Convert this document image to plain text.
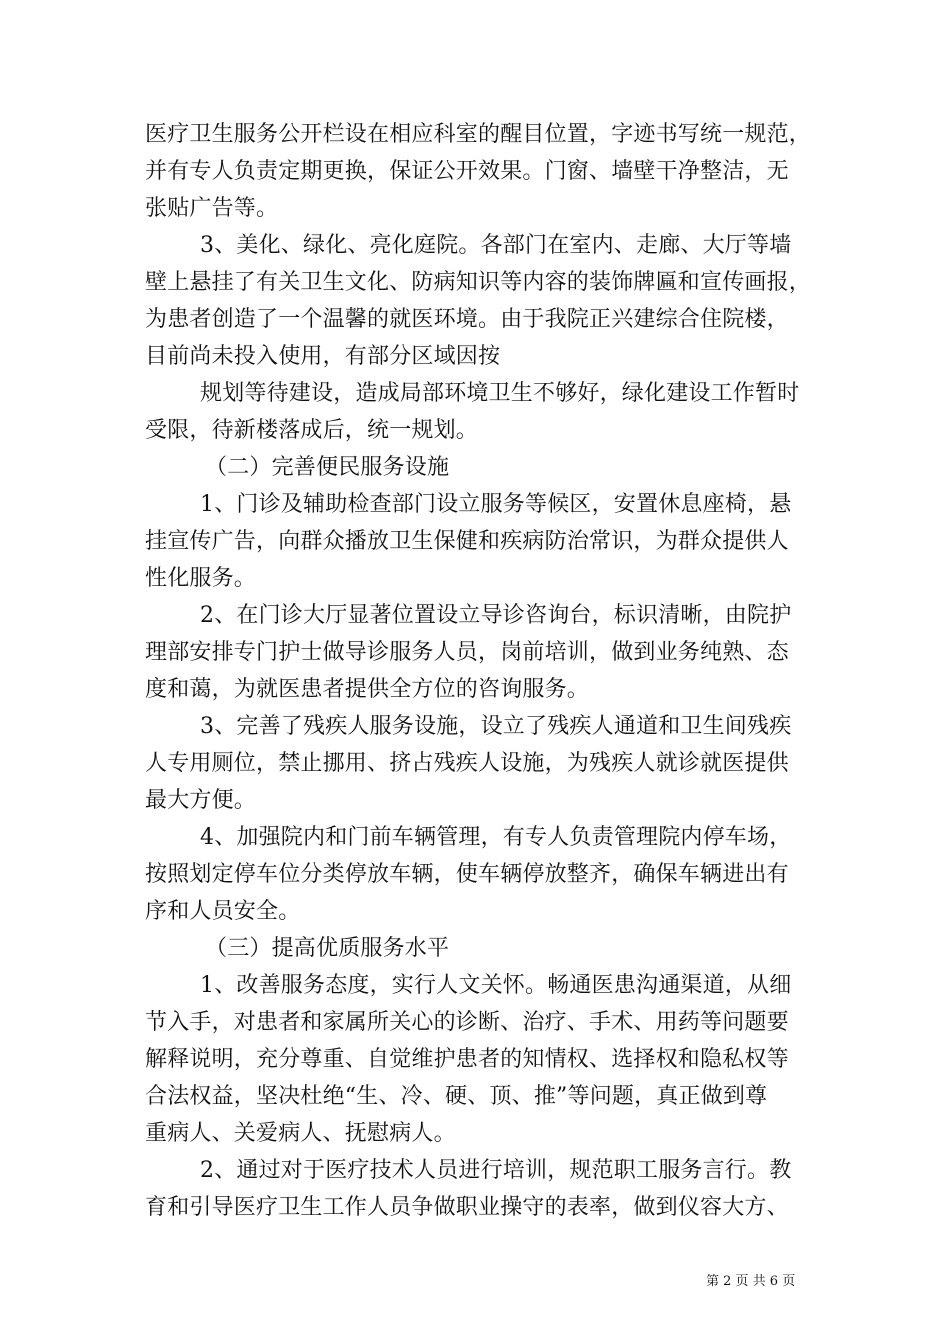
医疗卫生服务公开栏设在相应科室的醒目位置，字迹书写统一规范，
并有专人负责定期更换，保证公开效果。门窗、墙壁干净整洁，无
张贴广告等。
3、美化、绿化、亮化庭院。各部门在室内、走廊、大厅等墙
壁上悬挂了有关卫生文化、防病知识等内容的装饰牌匾和宣传画报，
为患者创造了一个温馨的就医环境。由于我院正兴建综合住院楼，
目前尚未投入使用，有部分区域因按
规划等待建设，造成局部环境卫生不够好，绿化建设工作暂时
受限，待新楼落成后，统一规划。
（二）完善便民服务设施
1、门诊及辅助检查部门设立服务等候区，安置休息座椅，悬
挂宣传广告，向群众播放卫生保健和疾病防治常识，为群众提供人
性化服务。
2、在门诊大厅显著位置设立导诊咨询台，标识清晰，由院护
理部安排专门护士做导诊服务人员，岗前培训，做到业务纯熟、态
度和蔼，为就医患者提供全方位的咨询服务。
3、完善了残疾人服务设施，设立了残疾人通道和卫生间残疾
人专用厕位，禁止挪用、挤占残疾人设施，为残疾人就诊就医提供
最大方便。
4、加强院内和门前车辆管理，有专人负责管理院内停车场，
按照划定停车位分类停放车辆，使车辆停放整齐，确保车辆进出有
序和人员安全。
（三）提高优质服务水平
1、改善服务态度，实行人文关怀。畅通医患沟通渠道，从细
节入手，对患者和家属所关心的诊断、治疗、手术、用药等问题要
解释说明，充分尊重、自觉维护患者的知情权、选择权和隐私权等
合法权益，坚决杜绝“生、冷、硬、顶、推”等问题，真正做到尊
重病人、关爱病人、抚慰病人。
2、通过对于医疗技术人员进行培训，规范职工服务言行。教
育和引导医疗卫生工作人员争做职业操守的表率，做到仪容大方、
第 2 页 共 6 页
